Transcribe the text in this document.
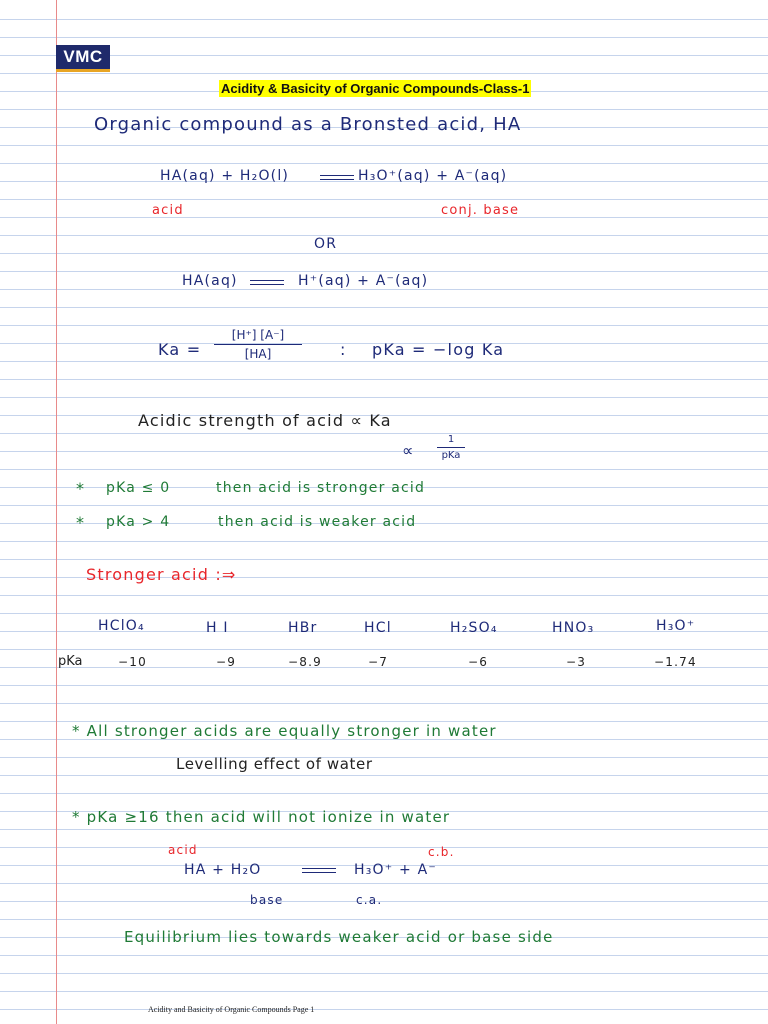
VMC
Acidity & Basicity of Organic Compounds-Class-1
Organic compound as a Bronsted acid, HA
HA(aq) + H₂O(l)	H₃O⁺(aq) + A⁻(aq)
acid	conj. base
OR
HA(aq)	H⁺(aq) + A⁻(aq)
Ka =
[H⁺] [A⁻]
[HA]	: pKa = −log Ka
Acidic strength of acid ∝ Ka
∝
1
pKa
* pKa ≤ 0	then acid is stronger acid
* pKa > 4	then acid is weaker acid
Stronger acid :⇒
HClO₄	H I	HBr	HCl	H₂SO₄	HNO₃	H₃O⁺
pKa	−10	−9	−8.9	−7	−6	−3	−1.74
* All stronger acids are equally stronger in water
Levelling effect of water
* pKa ≥16 then acid will not ionize in water
acid	c.b.
HA + H₂O	H₃O⁺ + A⁻
base	c.a.
Equilibrium lies towards weaker acid or base side
Acidity and Basicity of Organic Compounds Page 1
